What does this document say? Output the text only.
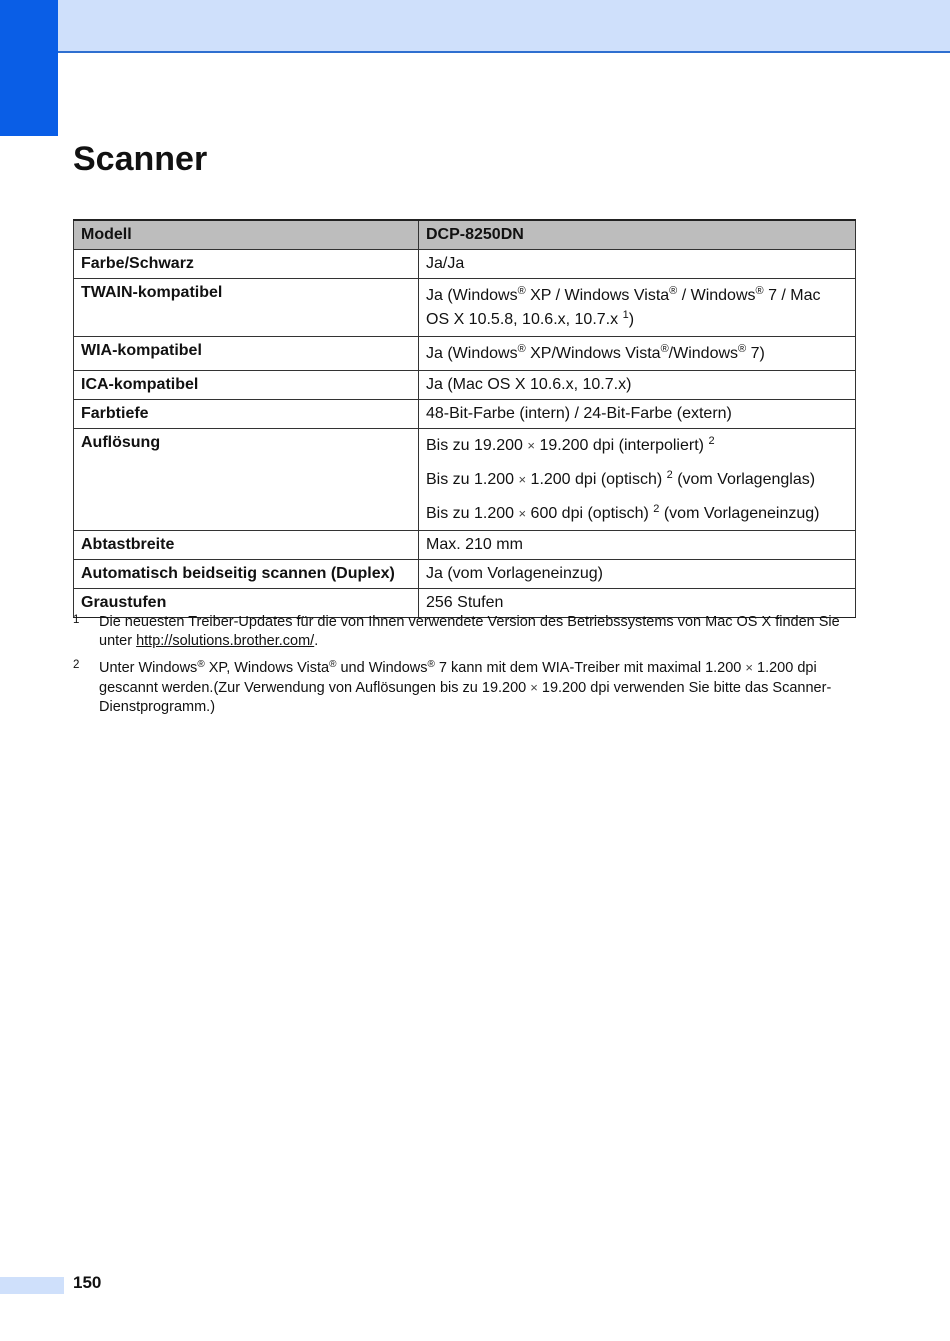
Scanner
Modell	DCP-8250DN
Farbe/Schwarz	Ja/Ja
TWAIN-kompatibel	Ja (Windows® XP / Windows Vista® / Windows® 7 / Mac OS X 10.5.8, 10.6.x, 10.7.x $^1$)

WIA-kompatibel	Ja (Windows® XP/Windows Vista®/Windows® 7)

ICA-kompatibel	Ja (Mac OS X 10.6.x, 10.7.x)
Farbtiefe	48-Bit-Farbe (intern) / 24-Bit-Farbe (extern)
Auflösung	Bis zu 19.200 × 19.200 dpi (interpoliert) $^2$
Bis zu 1.200 × 1.200 dpi (optisch) $^2$ (vom Vorlagenglas)
Bis zu 1.200 × 600 dpi (optisch) $^2$ (vom Vorlageneinzug)

Abtastbreite	Max. 210 mm
Automatisch beidseitig scannen (Duplex)	Ja (vom Vorlageneinzug)
Graustufen	256 Stufen
1 Die neuesten Treiber-Updates für die von Ihnen verwendete Version des Betriebssystems von Mac OS X finden Sie unter http://solutions.brother.com/.
2 Unter Windows® XP, Windows Vista® und Windows® 7 kann mit dem WIA-Treiber mit maximal 1.200 × 1.200 dpi gescannt werden.(Zur Verwendung von Auflösungen bis zu 19.200 × 19.200 dpi verwenden Sie bitte das Scanner-Dienstprogramm.)
150
